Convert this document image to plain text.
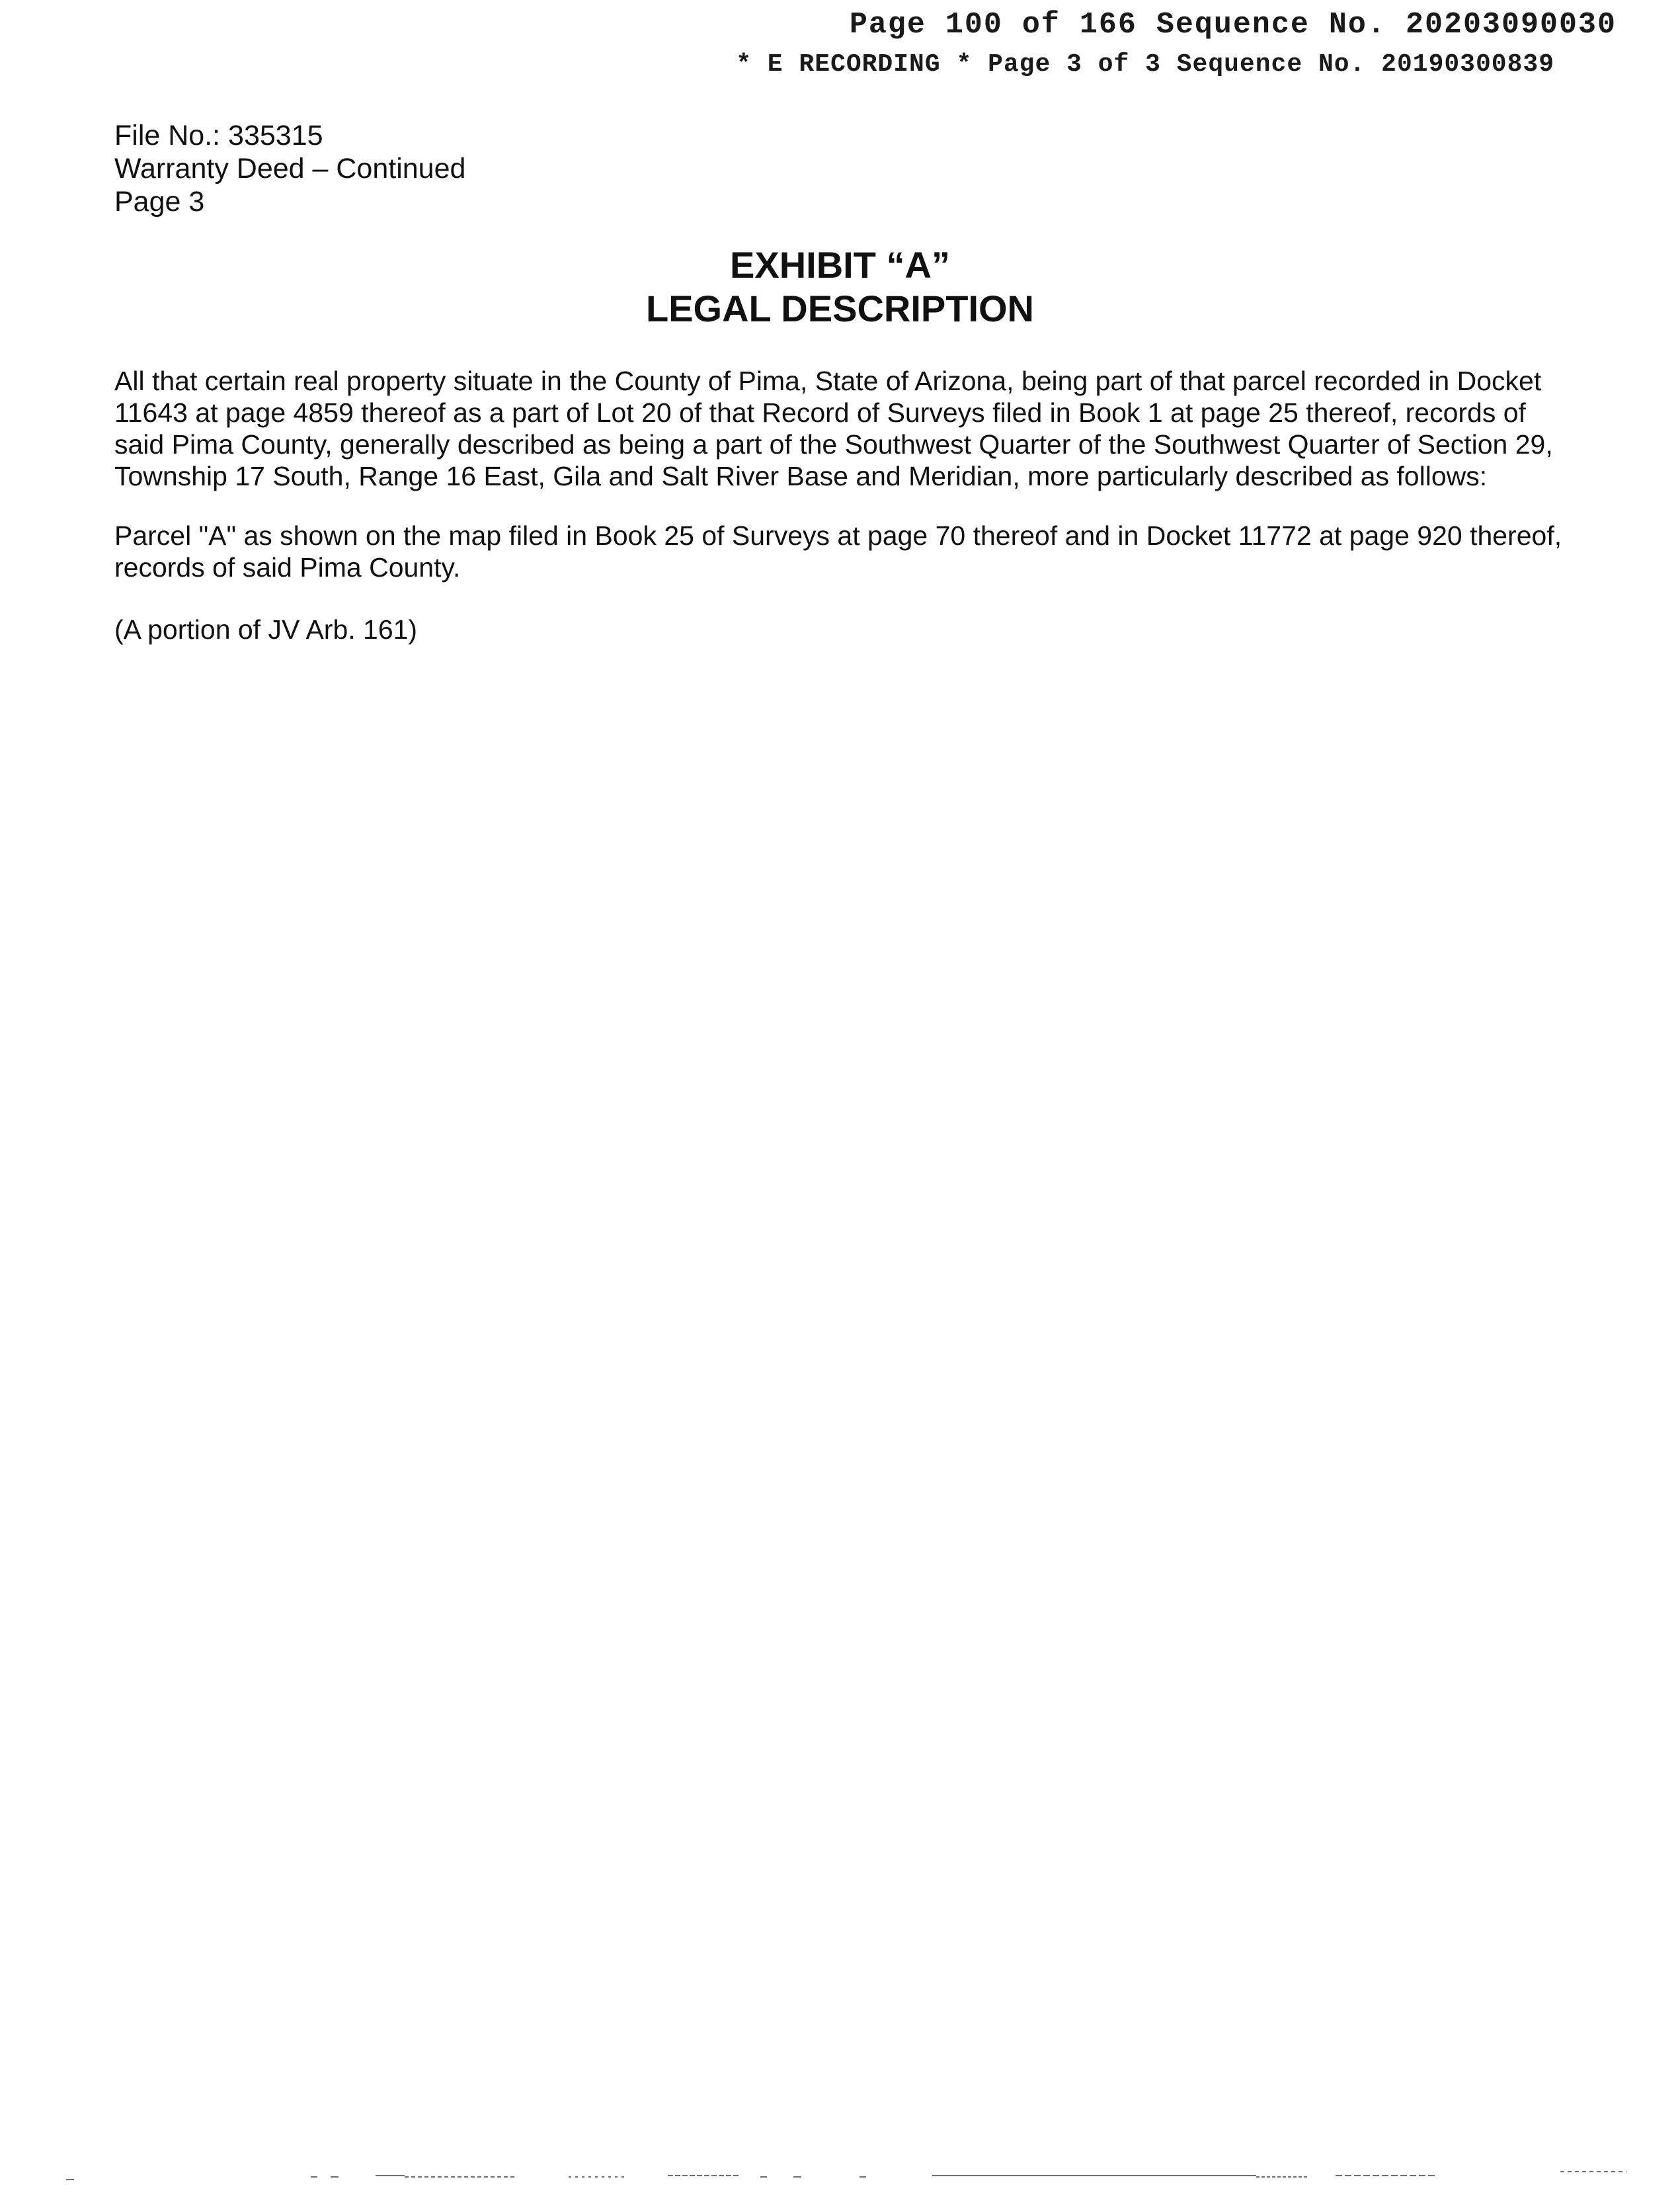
Page 100 of 166 Sequence No. 20203090030
* E RECORDING * Page 3 of 3 Sequence No. 20190300839
File No.: 335315
Warranty Deed – Continued
Page 3
EXHIBIT “A”
LEGAL DESCRIPTION
All that certain real property situate in the County of Pima, State of Arizona, being part of that parcel recorded in Docket 11643 at page 4859 thereof as a part of Lot 20 of that Record of Surveys filed in Book 1 at page 25 thereof, records of said Pima County, generally described as being a part of the Southwest Quarter of the Southwest Quarter of Section 29, Township 17 South, Range 16 East, Gila and Salt River Base and Meridian, more particularly described as follows:
Parcel "A" as shown on the map filed in Book 25 of Surveys at page 70 thereof and in Docket 11772 at page 920 thereof, records of said Pima County.
(A portion of JV Arb. 161)
